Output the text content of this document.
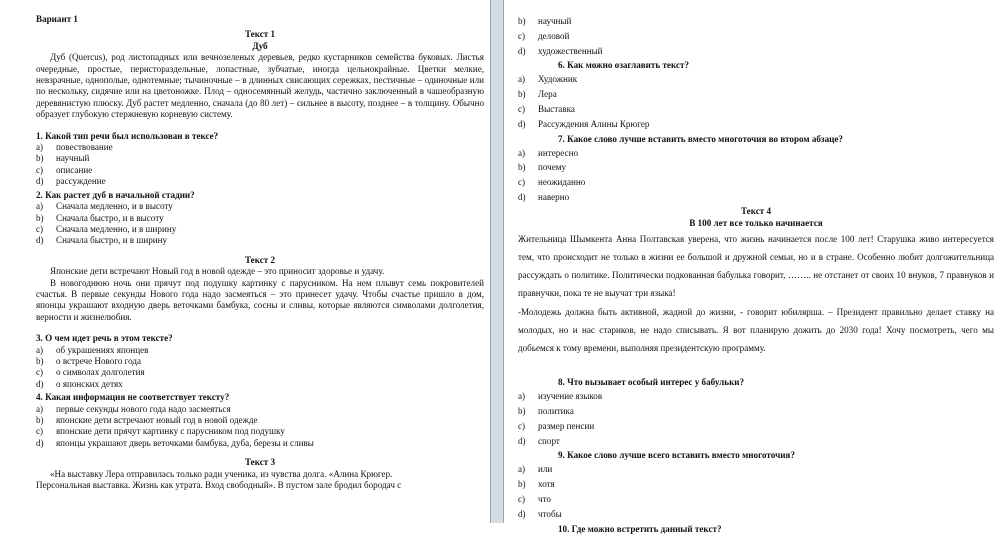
Вариант 1
Текст 1
Дуб

Дуб (Quercus), род листопадных или вечнозеленых деревьев, редко кустарников семейства буковых. Листья очередные, простые, перистораздельные, лопастные, зубчатые, иногда цельнокрайные. Цветки мелкие, невзрачные, однополые, однотемные; тычиночные – в длинных свисающих сережках, пестичные – одиночные или по нескольку, сидячие или на цветоножке. Плод – односемянный желудь, частично заключенный в чашеобразную деревянистую плюску. Дуб растет медленно, сначала (до 80 лет) – сильнее в высоту, позднее – в толщину. Обычно образует глубокую стержневую корневую систему.

1. Какой тип речи был использован в тексе?
a) повествование
b) научный
c) описание
d) рассуждение
2. Как растет дуб в начальной стадии?
a) Сначала медленно, и в высоту
b) Сначала быстро, и в высоту
c) Сначала медленно, и в ширину
d) Сначала быстро, и в ширину
Текст 2

Японские дети встречают Новый год в новой одежде – это приносит здоровье и удачу.

В новогоднюю ночь они прячут под подушку картинку с парусником. На нем плывут семь покровителей счастья. В первые секунды Нового года надо засмеяться – это принесет удачу. Чтобы счастье пришло в дом, японцы украшают входную дверь веточками бамбука, сосны и сливы, которые являются символами долголетия, верности и жизнелюбия.

3. О чем идет речь в этом тексте?
a) об украшениях японцев
b) о встрече Нового года
c) о символах долголетия
d) о японских детях
4. Какая информация не соответствует тексту?
a) первые секунды нового года надо засмеяться
b) японские дети встречают новый год в новой одежде
c) японские дети прячут картинку с парусником под подушку
d) японцы украшают дверь веточками бамбука, дуба, березы и сливы
Текст 3

«На выставку Лера отправилась только ради ученика, из чувства долга. «Алина Крюгер.

Персональная выставка. Жизнь как утрата. Вход свободный». В пустом зале бродил бородач с

b) научный
c) деловой
d) художественный
6. Как можно озаглавить текст?
a) Художник
b) Лера
c) Выставка
d) Рассуждения Алины Крюгер
7. Какое слово лучше вставить вместо многоточия во втором абзаце?
a) интересно
b) почему
c) неожиданно
d) наверно
Текст 4
В 100 лет все только начинается

Жительница Шымкента Анна Полтавская уверена, что жизнь начинается после 100 лет! Старушка живо интересуется тем, что происходит не только в жизни ее большой и дружной семьи, но и в стране. Особенно любит долгожительница рассуждать о политике. Политически подкованная бабулька говорит, …….. не отстанет от своих 10 внуков, 7 правнуков и правнучки, пока те не выучат три языка!

-Молодежь должна быть активной, жадной до жизни, - говорит юбилярша. – Президент правильно делает ставку на молодых, но и нас стариков, не надо списывать. Я вот планирую дожить до 2030 года! Хочу посмотреть, чего мы добьемся к тому времени, выполняя президентскую программу.

8. Что вызывает особый интерес у бабульки?
a) изучение языков
b) политика
c) размер пенсии
d) спорт
9. Какое слово лучше всего вставить вместо многоточия?
a) или
b) хотя
c) что
d) чтобы
10. Где можно встретить данный текст?
